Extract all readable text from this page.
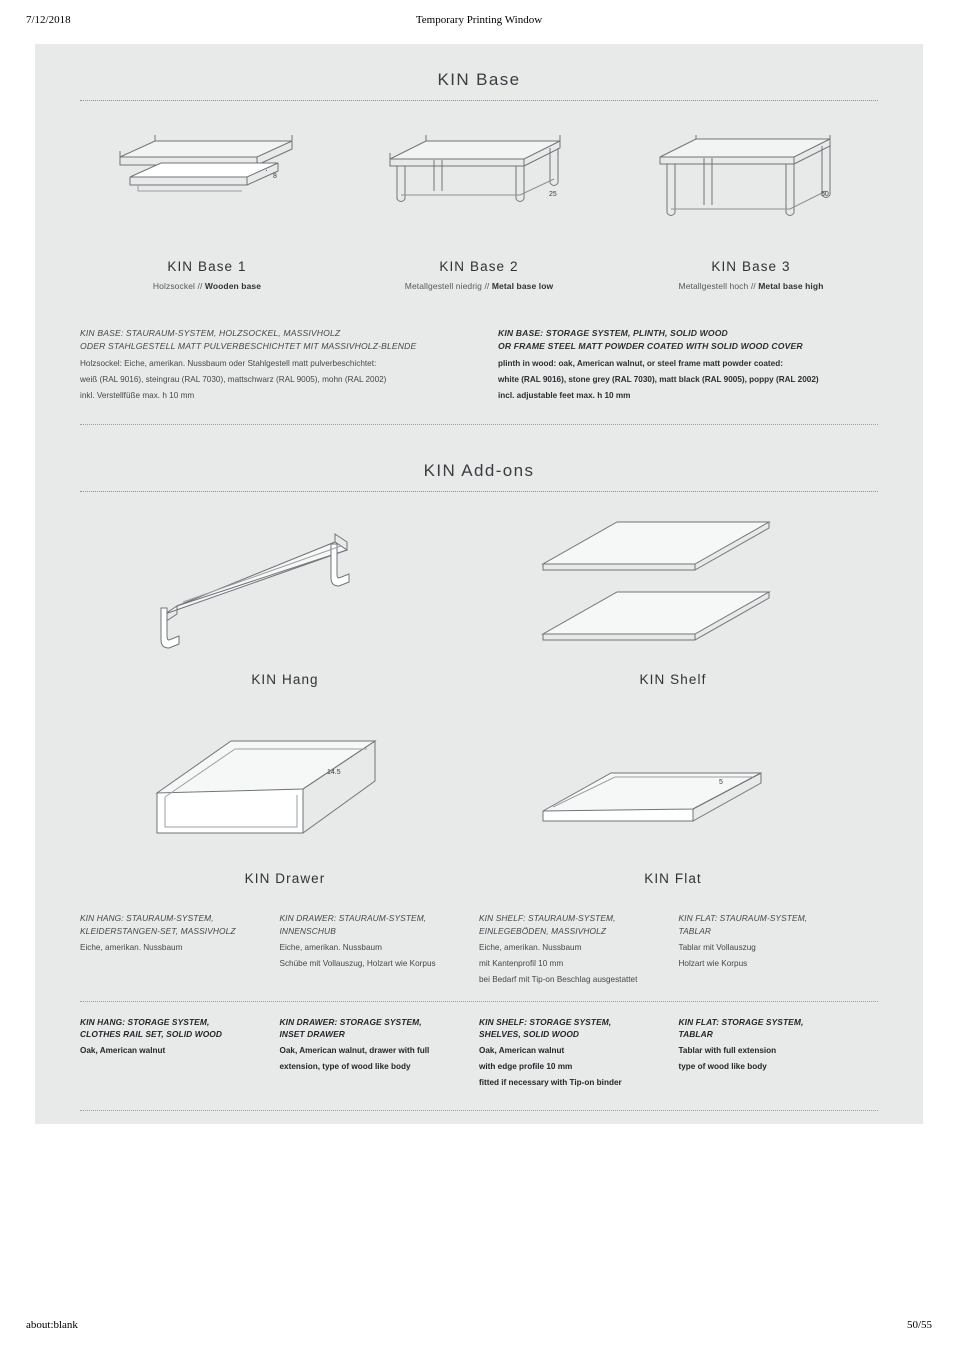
7/12/2018	Temporary Printing Window
KIN Base
8
·
KIN Base 1
Holzsockel // Wooden base
25
KIN Base 2
Metallgestell niedrig // Metal base low
50
KIN Base 3
Metallgestell hoch // Metal base high
KIN BASE: STAURAUM-SYSTEM, HOLZSOCKEL, MASSIVHOLZ
ODER STAHLGESTELL MATT PULVERBESCHICHTET MIT MASSIVHOLZ-BLENDE
Holzsockel: Eiche, amerikan. Nussbaum oder Stahlgestell matt pulverbeschichtet:
weiß (RAL 9016), steingrau (RAL 7030), mattschwarz (RAL 9005), mohn (RAL 2002)
inkl. Verstellfüße max. h 10 mm
KIN BASE: STORAGE SYSTEM, PLINTH, SOLID WOOD
OR FRAME STEEL MATT POWDER COATED WITH SOLID WOOD COVER
plinth in wood: oak, American walnut, or steel frame matt powder coated:
white (RAL 9016), stone grey (RAL 7030), matt black (RAL 9005), poppy (RAL 2002)
incl. adjustable feet max. h 10 mm
KIN Add-ons
KIN Hang	KIN Shelf
14.5
KIN Drawer
5
KIN Flat
KIN HANG: STAURAUM-SYSTEM,
KLEIDERSTANGEN-SET, MASSIVHOLZ
Eiche, amerikan. Nussbaum
KIN DRAWER: STAURAUM-SYSTEM,
INNENSCHUB
Eiche, amerikan. Nussbaum
Schübe mit Vollauszug, Holzart wie Korpus
KIN SHELF: STAURAUM-SYSTEM,
EINLEGEBÖDEN, MASSIVHOLZ
Eiche, amerikan. Nussbaum
mit Kantenprofil 10 mm
bei Bedarf mit Tip-on Beschlag ausgestattet
KIN FLAT: STAURAUM-SYSTEM,
TABLAR
Tablar mit Vollauszug
Holzart wie Korpus
KIN HANG: STORAGE SYSTEM,
CLOTHES RAIL SET, SOLID WOOD
Oak, American walnut
KIN DRAWER: STORAGE SYSTEM,
INSET DRAWER
Oak, American walnut, drawer with full
extension, type of wood like body
KIN SHELF: STORAGE SYSTEM,
SHELVES, SOLID WOOD
Oak, American walnut
with edge profile 10 mm
fitted if necessary with Tip-on binder
KIN FLAT: STORAGE SYSTEM,
TABLAR
Tablar with full extension
type of wood like body
about:blank	50/55
